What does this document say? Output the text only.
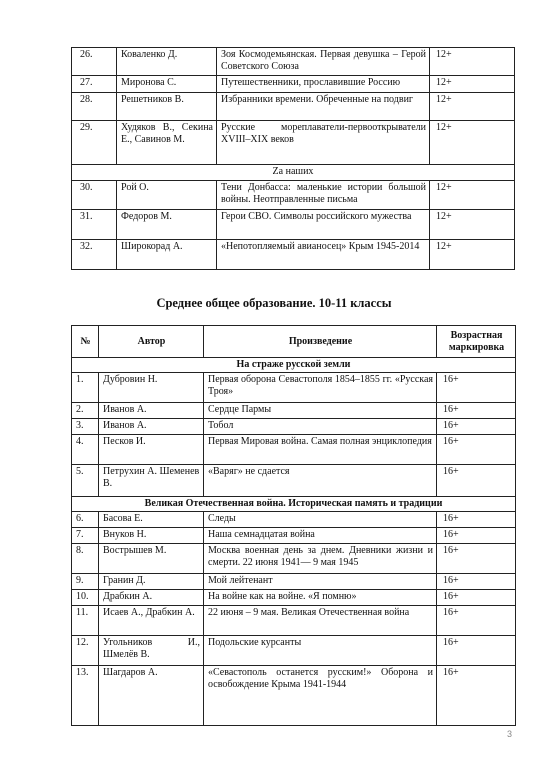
26.	Коваленко Д.	Зоя Космодемьянская. Первая девушка – Герой Советского Союза	12+
27.	Миронова С.	Путешественники, прославившие Россию	12+
28.	Решетников В.	Избранники времени. Обреченные на подвиг	12+
29.	Худяков В., Секина Е., Савинов М.	Русские мореплаватели-первооткрыватели XVIII–XIX веков	12+
Za наших			
30.	Рой О.	Тени Донбасса: маленькие истории большой войны. Неотправленные письма	12+
31.	Федоров М.	Герои СВО. Символы российского мужества	12+
32.	Широкорад А.	«Непотопляемый авианосец» Крым 1945-2014	12+
Среднее общее образование. 10-11 классы
№	Автор	Произведение	Возрастная маркировка
На страже русской земли			
1.	Дубровин Н.	Первая оборона Севастополя 1854–1855 гг. «Русская Троя»	16+
2.	Иванов А.	Сердце Пармы	16+
3.	Иванов А.	Тобол	16+
4.	Песков И.	Первая Мировая война. Самая полная энциклопедия	16+
5.	Петрухин А. Шеменев В.	«Варяг» не сдается	16+
Великая Отечественная война. Историческая память и традиции			
6.	Басова Е.	Следы	16+
7.	Внуков Н.	Наша семнадцатая война	16+
8.	Вострышев М.	Москва военная день за днем. Дневники жизни и смерти. 22 июня 1941— 9 мая 1945	16+
9.	Гранин Д.	Мой лейтенант	16+
10.	Драбкин А.	На войне как на войне. «Я помню»	16+
11.	Исаев А., Драбкин А.	22 июня – 9 мая. Великая Отечественная война	16+
12.	Угольников И., Шмелёв В.	Подольские курсанты	16+
13.	Шагдаров А.	«Севастополь останется русским!» Оборона и освобождение Крыма 1941-1944	16+
3
